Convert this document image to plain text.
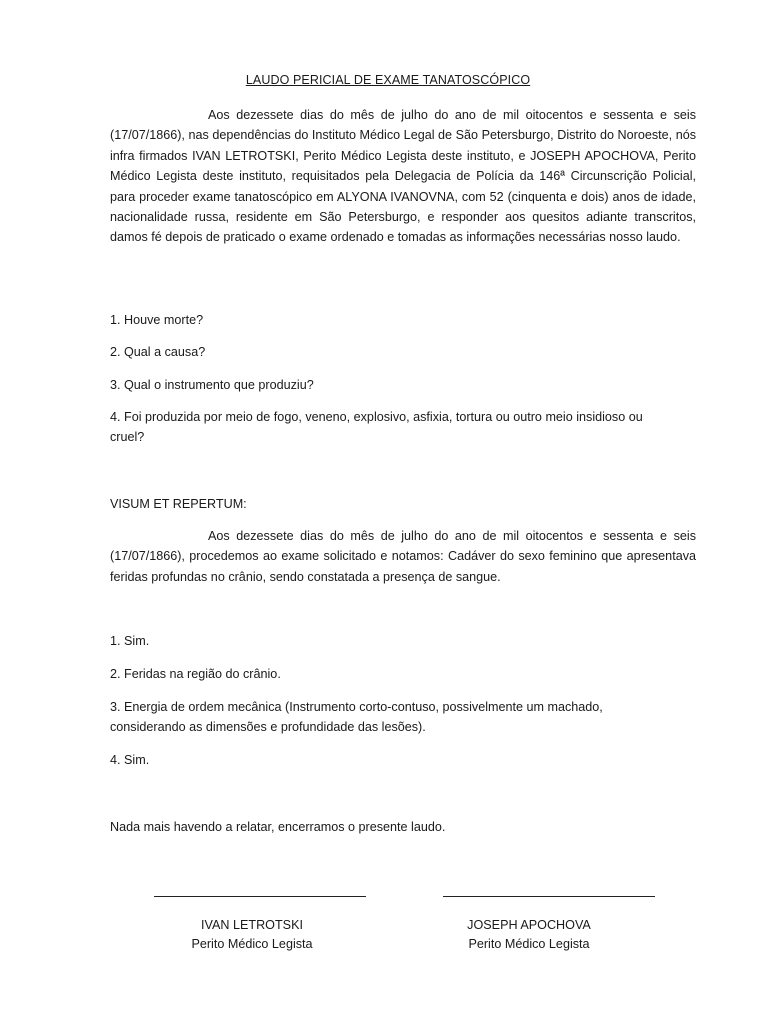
LAUDO PERICIAL DE EXAME TANATOSCÓPICO

Aos dezessete dias do mês de julho do ano de mil oitocentos e sessenta e seis (17/07/1866), nas dependências do Instituto Médico Legal de São Petersburgo, Distrito do Noroeste, nós infra firmados IVAN LETROTSKI, Perito Médico Legista deste instituto, e JOSEPH APOCHOVA, Perito Médico Legista deste instituto, requisitados pela Delegacia de Polícia da 146ª Circunscrição Policial, para proceder exame tanatoscópico em ALYONA IVANOVNA, com 52 (cinquenta e dois) anos de idade, nacionalidade russa, residente em São Petersburgo, e responder aos quesitos adiante transcritos, damos fé depois de praticado o exame ordenado e tomadas as informações necessárias nosso laudo.

1. Houve morte?

2. Qual a causa?

3. Qual o instrumento que produziu?

4. Foi produzida por meio de fogo, veneno, explosivo, asfixia, tortura ou outro meio insidioso ou cruel?

VISUM ET REPERTUM:

Aos dezessete dias do mês de julho do ano de mil oitocentos e sessenta e seis (17/07/1866), procedemos ao exame solicitado e notamos: Cadáver do sexo feminino que apresentava feridas profundas no crânio, sendo constatada a presença de sangue.

1. Sim.

2. Feridas na região do crânio.

3. Energia de ordem mecânica (Instrumento corto-contuso, possivelmente um machado, considerando as dimensões e profundidade das lesões).

4. Sim.

Nada mais havendo a relatar, encerramos o presente laudo.

IVAN LETROTSKI
Perito Médico Legista
JOSEPH APOCHOVA
Perito Médico Legista
